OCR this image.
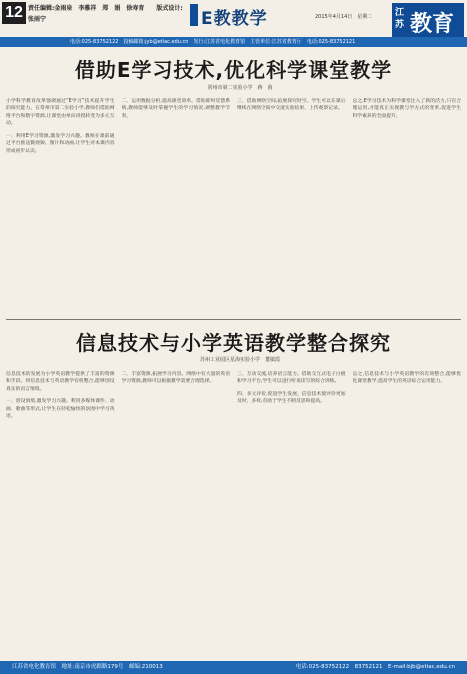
12 责任编辑:金雨泉　李雅祥　郑　娟　徐寿育　　版式设计:张雨宁	E教教学	2015年4月14日　星期二	江苏 教育
电话:025-83752122　投稿邮箱:jyb@etiac.edu.cn　发行:江苏省电化教育馆　主管单位:江苏省教育厅　电话:025-83752121
借助E学习技术,优化科学课堂教学
常州市第二实验小学　蒋　茵

小学科学教育改革强调通过“E学习”技术提升学生的探究能力。在常州市第二实验小学,教师们借助网络平台和数字资源,让课堂由单向讲授转变为多元互动。

一、利用E学习资源,激发学习兴趣。教师在课前通过平台推送微视频、图片和动画,让学生对本课内容形成初步认识。

二、运用数据分析,提高课堂效率。借助即时反馈系统,教师能够及时掌握学生的学习情况,调整教学节奏。

三、借助网络空间,拓展探究时空。学生可以在课后继续在网络空间中交流实验结果、上传观察记录。

总之,E学习技术为科学课堂注入了新的活力,只有合理运用,才能真正实现教与学方式的变革,促进学生科学素养的全面提升。

信息技术与小学英语教学整合探究
苏州工业园区星海实验小学　董敏霞

信息技术的发展为小学英语教学提供了丰富的资源和手段。将信息技术与英语教学有机整合,能够创设真实的语言情境。

一、创设情境,激发学习兴趣。利用多媒体课件、动画、歌曲等形式,让学生在轻松愉快的氛围中学习英语。

二、丰富资源,拓展学习内容。网络中有大量的英语学习资源,教师可以根据教学需要合理选择。

三、互动交流,培养语言能力。借助交互式电子白板和学习平台,学生可以进行听说读写的综合训练。

四、多元评价,促进学生发展。信息技术使评价更加及时、多样,有助于学生不断反思和提高。

总之,信息技术与小学英语教学的有效整合,能够优化课堂教学,提高学生的英语综合运用能力。

江苏省电化教育馆　地址:南京市虎踞路179号　邮编:210013	电话:025-83752122　83752121　E-mail:bjb@etiac.edu.cn
